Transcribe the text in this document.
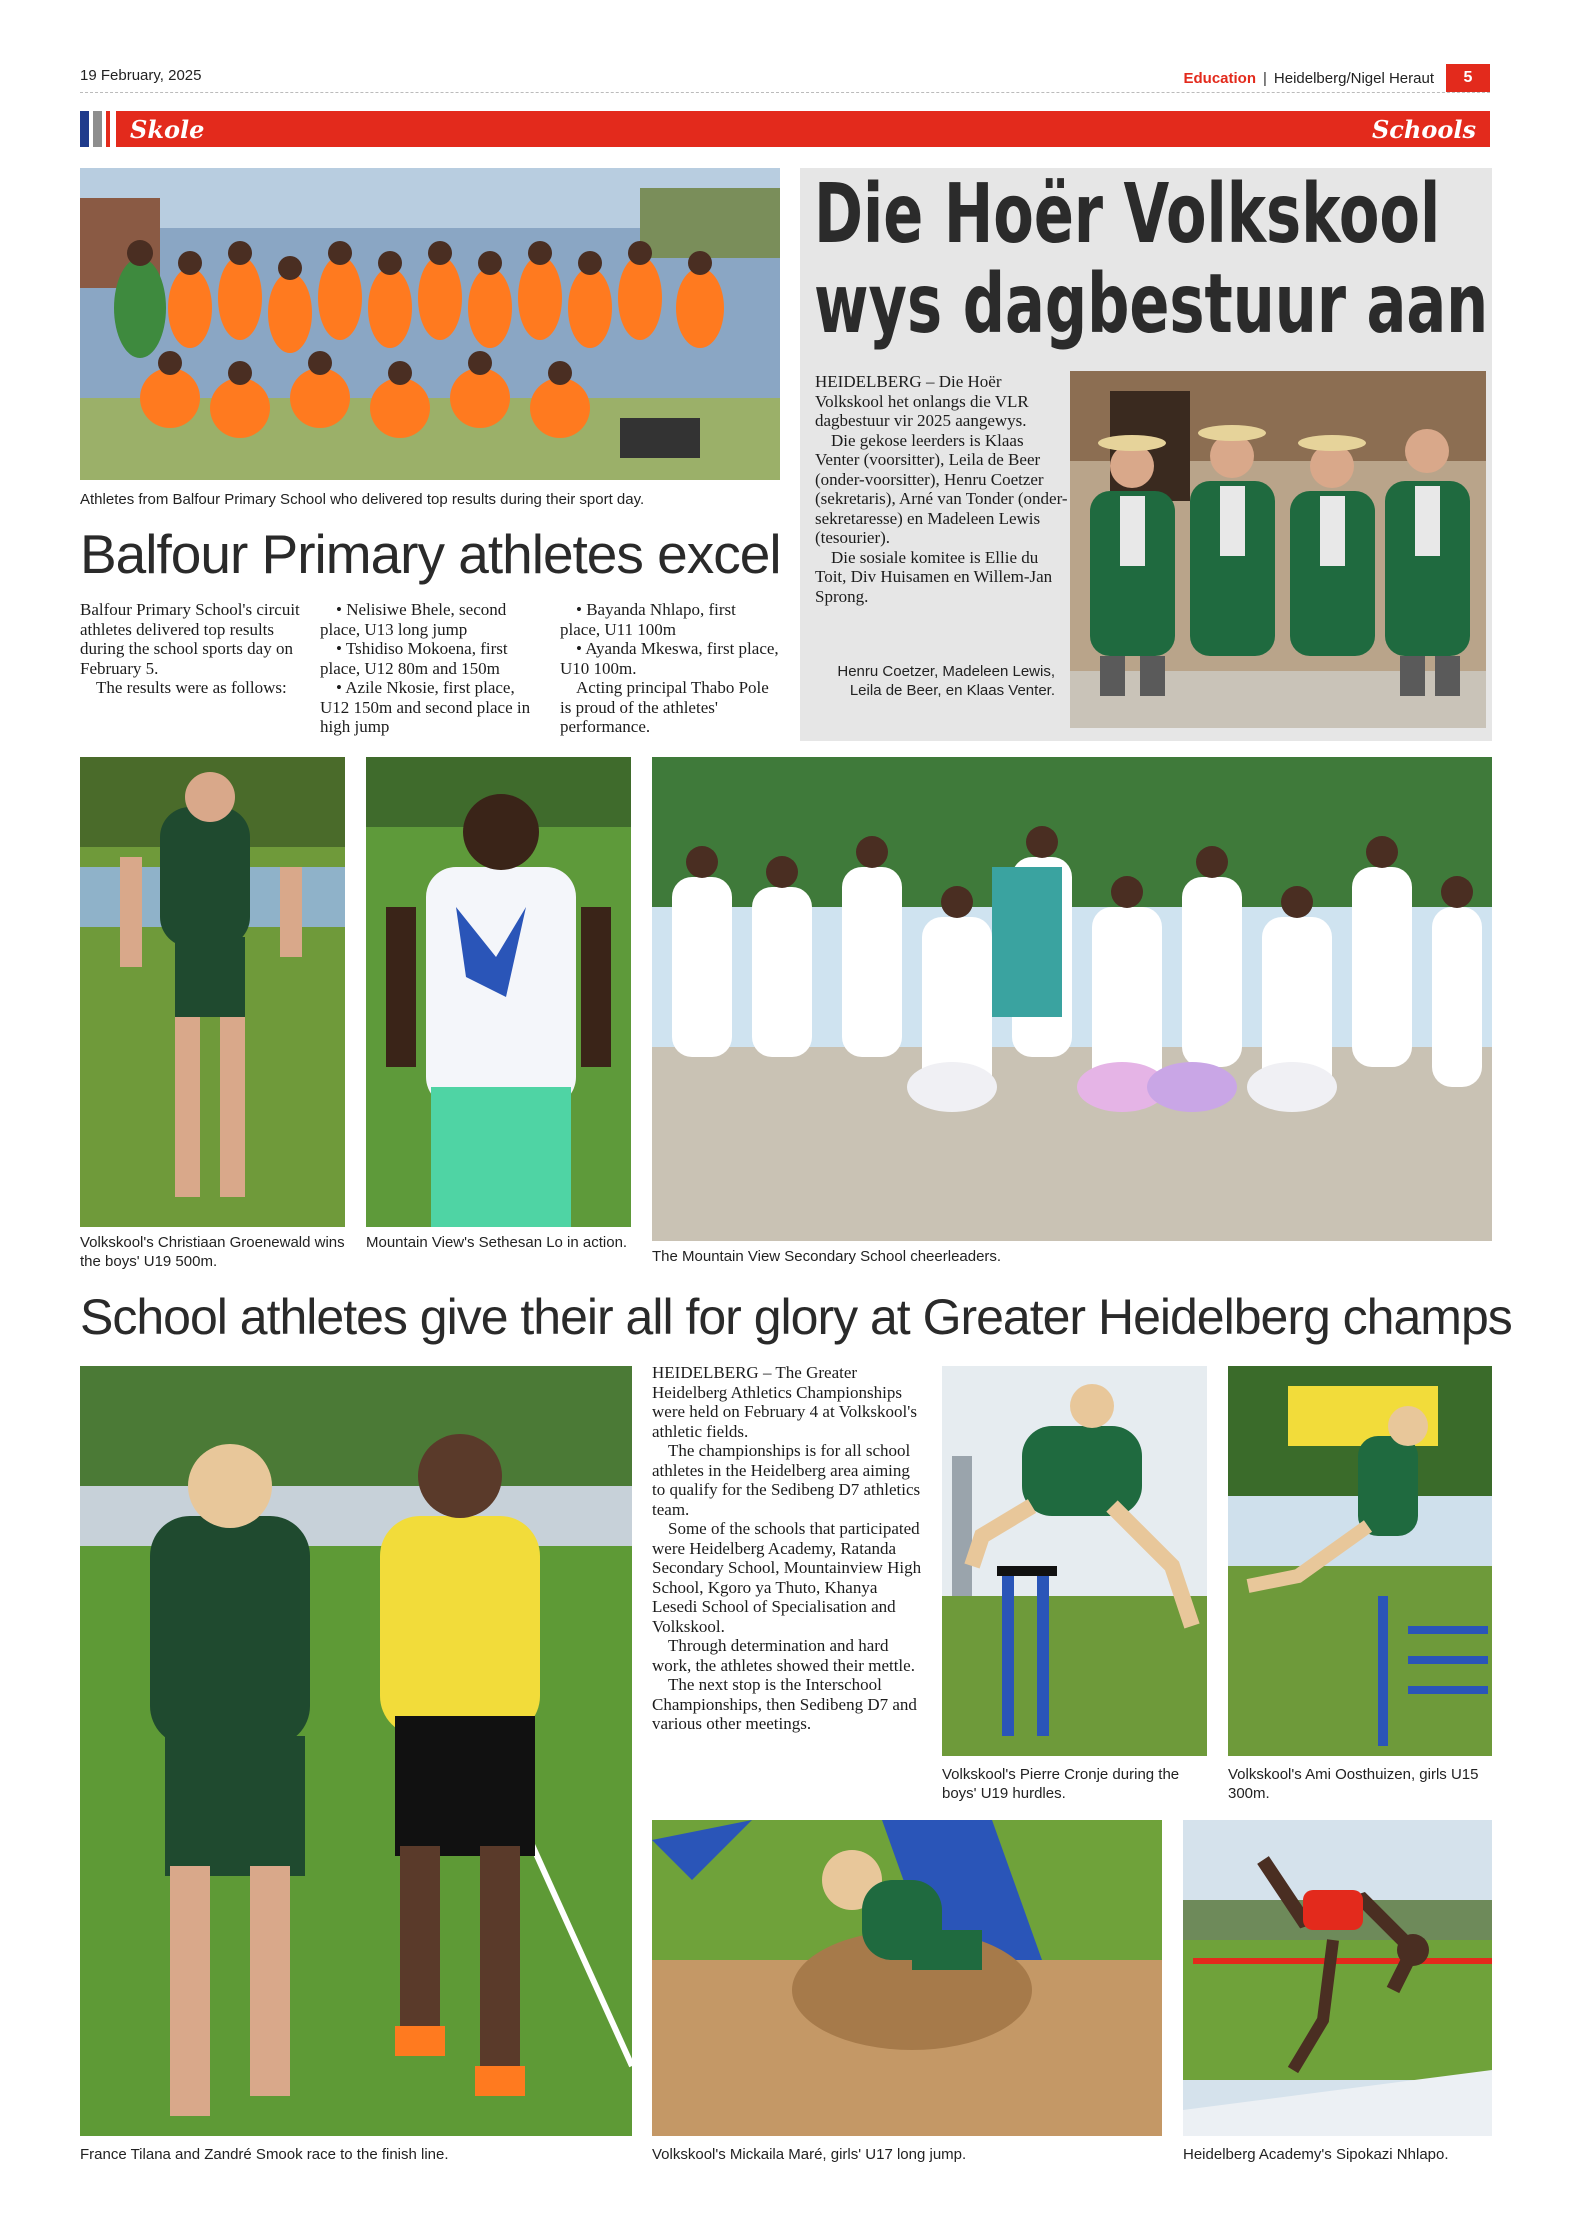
19 February, 2025	Education | Heidelberg/Nigel Heraut	5
Skole	Schools
Athletes from Balfour Primary School who delivered top results during their sport day.
Balfour Primary athletes excel

Balfour Primary School's circuit athletes delivered top results during the school sports day on February 5.

The results were as follows:

• Nelisiwe Bhele, second place, U13 long jump

• Tshidiso Mokoena, first place, U12 80m and 150m

• Azile Nkosie, first place, U12 150m and second place in high jump

• Bayanda Nhlapo, first place, U11 100m

• Ayanda Mkeswa, first place, U10 100m.

Acting principal Thabo Pole is proud of the athletes' performance.

Die Hoër Volkskool
wys dagbestuur aan

HEIDELBERG – Die Hoër Volkskool het onlangs die VLR dagbestuur vir 2025 aangewys.

Die gekose leerders is Klaas Venter (voorsitter), Leila de Beer (onder-voorsitter), Henru Coetzer (sekretaris), Arné van Tonder (onder-sekretaresse) en Madeleen Lewis (tesourier).

Die sosiale komitee is Ellie du Toit, Div Huisamen en Willem-Jan Sprong.

Henru Coetzer, Madeleen Lewis, Leila de Beer, en Klaas Venter.
Volkskool's Christiaan Groenewald wins the boys' U19 500m.
Mountain View's Sethesan Lo in action.
The Mountain View Secondary School cheerleaders.
School athletes give their all for glory at Greater Heidelberg champs
France Tilana and Zandré Smook race to the finish line.

HEIDELBERG – The Greater Heidelberg Athletics Championships were held on February 4 at Volkskool's athletic fields.

The championships is for all school athletes in the Heidelberg area aiming to qualify for the Sedibeng D7 athletics team.

Some of the schools that participated were Heidelberg Academy, Ratanda Secondary School, Mountainview High School, Kgoro ya Thuto, Khanya Lesedi School of Specialisation and Volkskool.

Through determination and hard work, the athletes showed their mettle.

The next stop is the Interschool Championships, then Sedibeng D7 and various other meetings.

Volkskool's Pierre Cronje during the boys' U19 hurdles.
Volkskool's Ami Oosthuizen, girls U15 300m.
Volkskool's Mickaila Maré, girls' U17 long jump.	Heidelberg Academy's Sipokazi Nhlapo.
